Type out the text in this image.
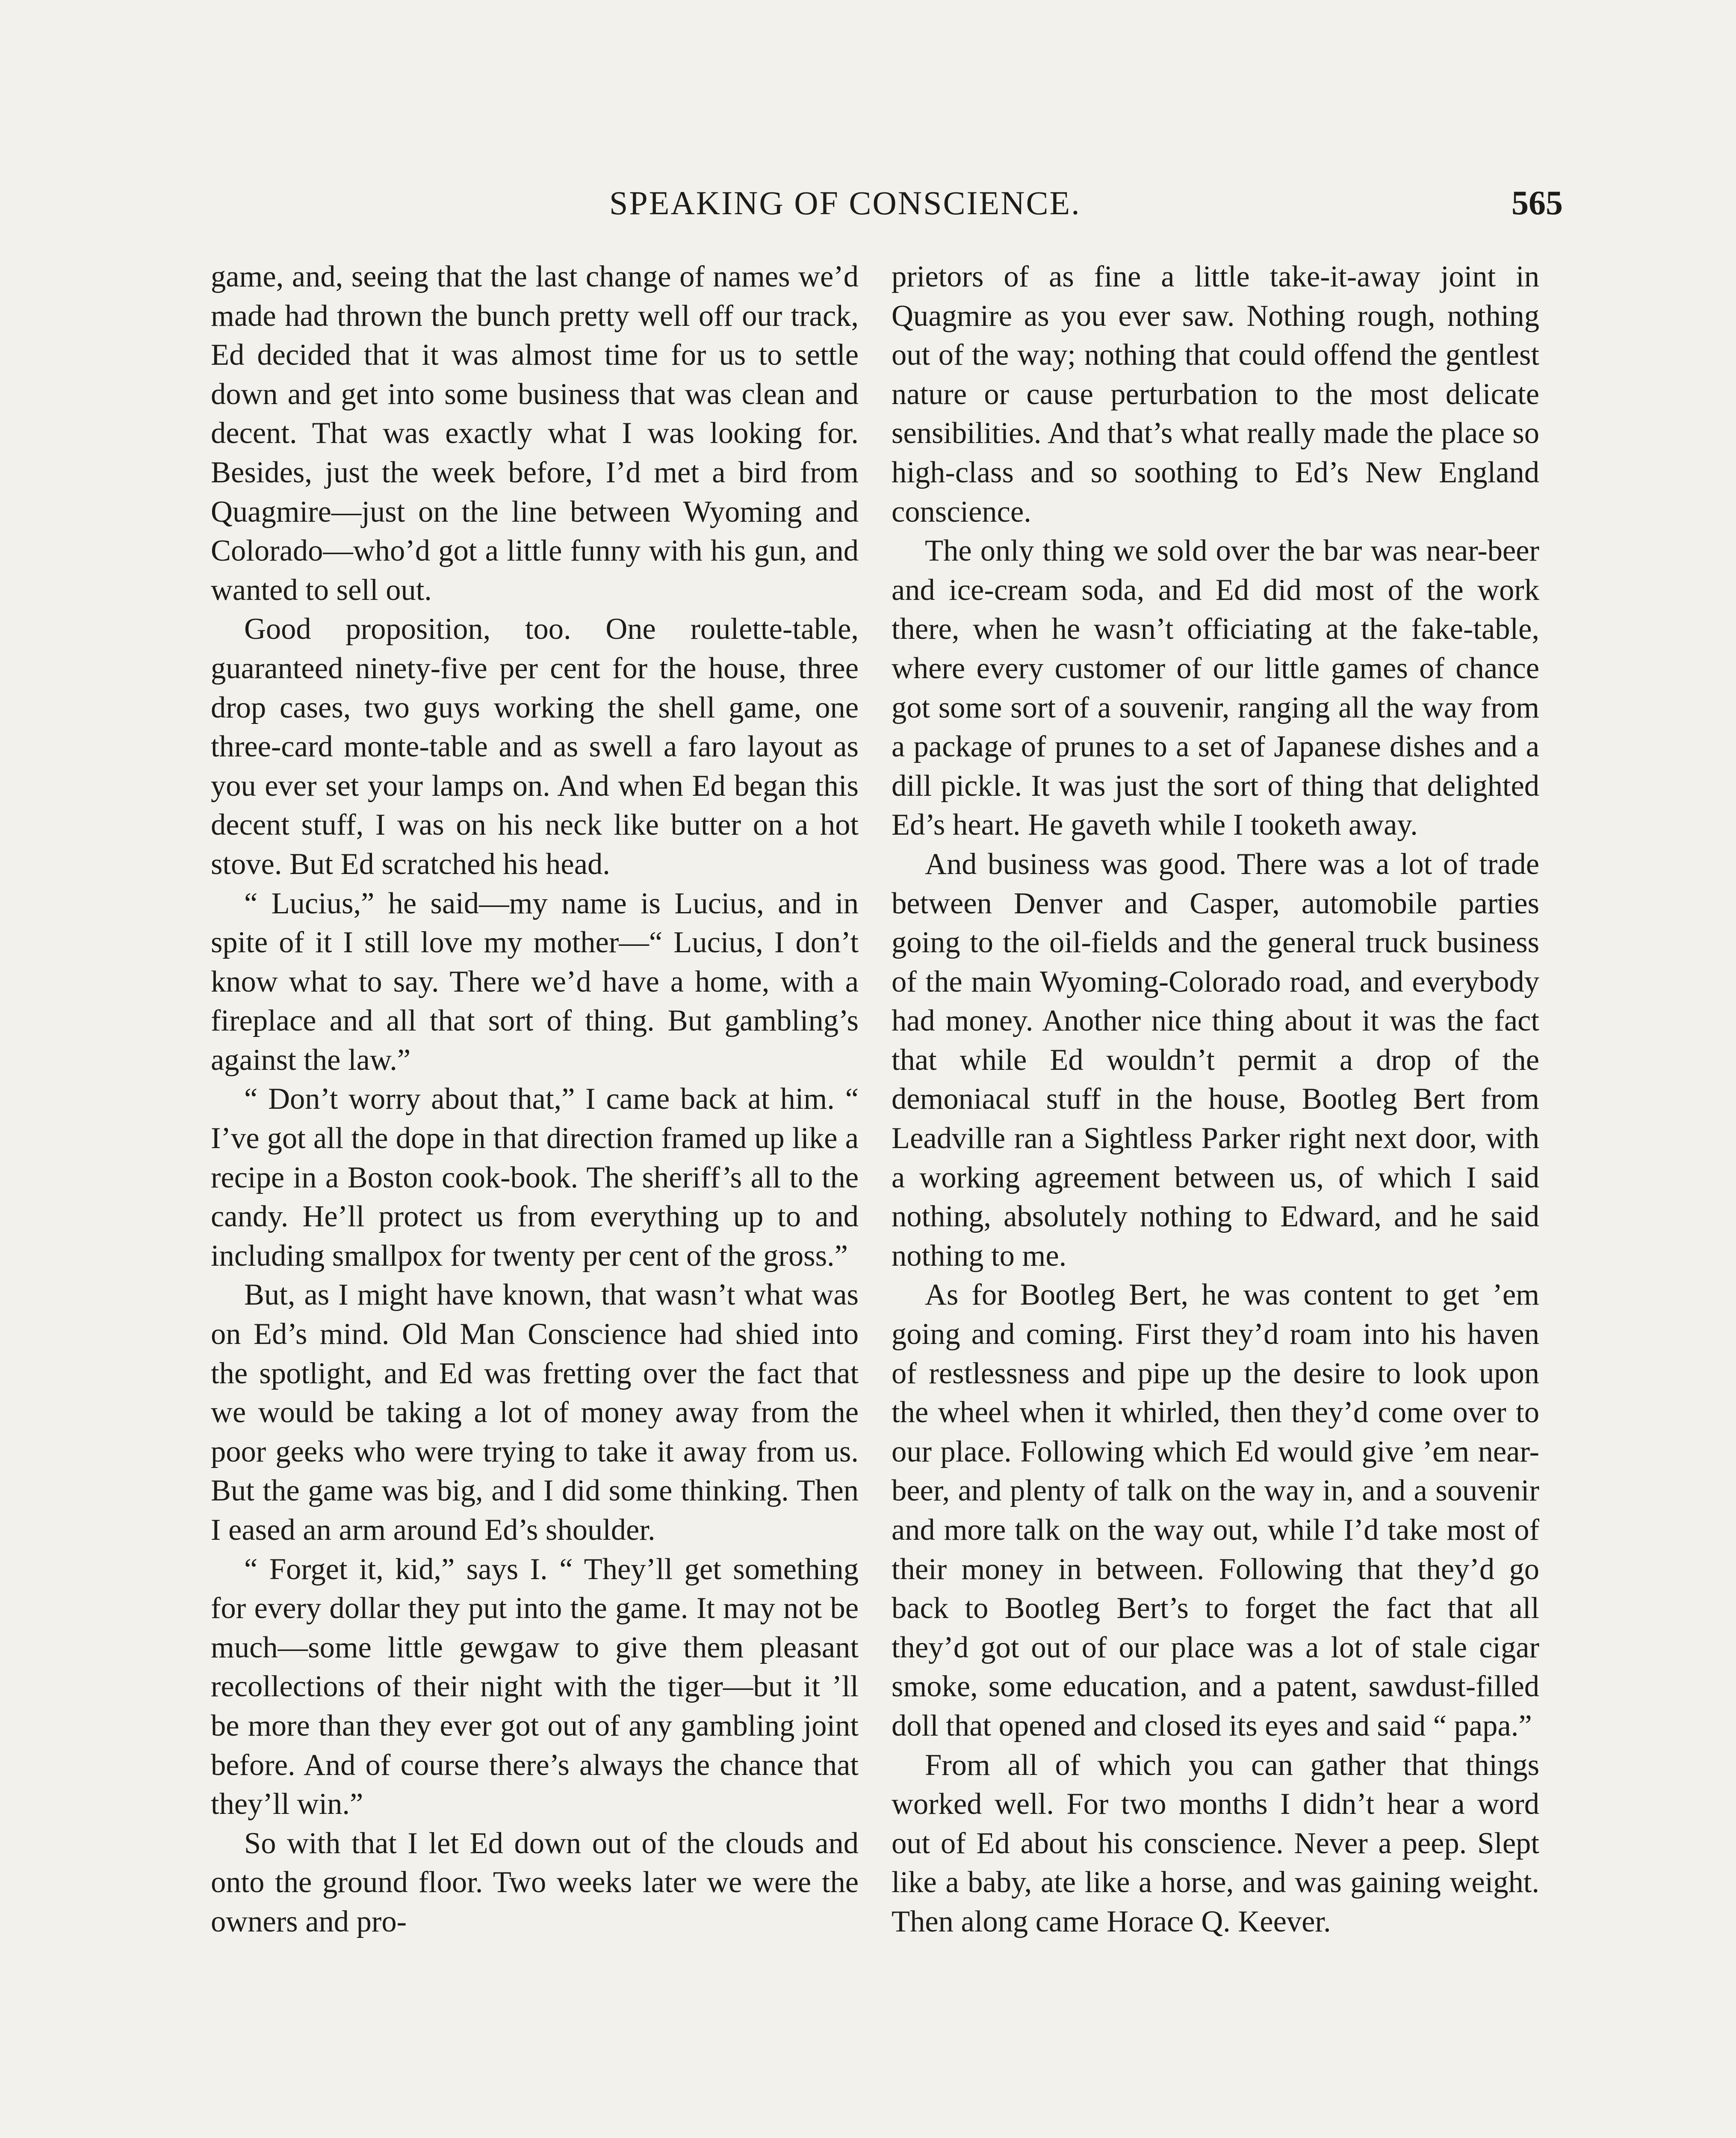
SPEAKING OF CONSCIENCE.	565

game, and, seeing that the last change of names we’d made had thrown the bunch pretty well off our track, Ed decided that it was almost time for us to settle down and get into some business that was clean and decent. That was exactly what I was looking for. Besides, just the week before, I’d met a bird from Quagmire—just on the line between Wyoming and Colorado—who’d got a little funny with his gun, and wanted to sell out.

Good proposition, too. One roulette-table, guaranteed ninety-five per cent for the house, three drop cases, two guys working the shell game, one three-card monte-table and as swell a faro layout as you ever set your lamps on. And when Ed began this decent stuff, I was on his neck like butter on a hot stove. But Ed scratched his head.

“ Lucius,” he said—my name is Lucius, and in spite of it I still love my mother—“ Lucius, I don’t know what to say. There we’d have a home, with a fireplace and all that sort of thing. But gambling’s against the law.”

“ Don’t worry about that,” I came back at him. “ I’ve got all the dope in that direction framed up like a recipe in a Boston cook-book. The sheriff’s all to the candy. He’ll protect us from everything up to and including smallpox for twenty per cent of the gross.”

But, as I might have known, that wasn’t what was on Ed’s mind. Old Man Conscience had shied into the spotlight, and Ed was fretting over the fact that we would be taking a lot of money away from the poor geeks who were trying to take it away from us. But the game was big, and I did some thinking. Then I eased an arm around Ed’s shoulder.

“ Forget it, kid,” says I. “ They’ll get something for every dollar they put into the game. It may not be much—some little gewgaw to give them pleasant recollections of their night with the tiger—but it ’ll be more than they ever got out of any gambling joint before. And of course there’s always the chance that they’ll win.”

So with that I let Ed down out of the clouds and onto the ground floor. Two weeks later we were the owners and pro-

prietors of as fine a little take-it-away joint in Quagmire as you ever saw. Nothing rough, nothing out of the way; nothing that could offend the gentlest nature or cause perturbation to the most delicate sensibilities. And that’s what really made the place so high-class and so soothing to Ed’s New England conscience.

The only thing we sold over the bar was near-beer and ice-cream soda, and Ed did most of the work there, when he wasn’t officiating at the fake-table, where every customer of our little games of chance got some sort of a souvenir, ranging all the way from a package of prunes to a set of Japanese dishes and a dill pickle. It was just the sort of thing that delighted Ed’s heart. He gaveth while I tooketh away.

And business was good. There was a lot of trade between Denver and Casper, automobile parties going to the oil-fields and the general truck business of the main Wyoming-Colorado road, and everybody had money. Another nice thing about it was the fact that while Ed wouldn’t permit a drop of the demoniacal stuff in the house, Bootleg Bert from Leadville ran a Sightless Parker right next door, with a working agreement between us, of which I said nothing, absolutely nothing to Edward, and he said nothing to me.

As for Bootleg Bert, he was content to get ’em going and coming. First they’d roam into his haven of restlessness and pipe up the desire to look upon the wheel when it whirled, then they’d come over to our place. Following which Ed would give ’em near-beer, and plenty of talk on the way in, and a souvenir and more talk on the way out, while I’d take most of their money in between. Following that they’d go back to Bootleg Bert’s to forget the fact that all they’d got out of our place was a lot of stale cigar smoke, some education, and a patent, sawdust-filled doll that opened and closed its eyes and said “ papa.”

From all of which you can gather that things worked well. For two months I didn’t hear a word out of Ed about his conscience. Never a peep. Slept like a baby, ate like a horse, and was gaining weight. Then along came Horace Q. Keever.
